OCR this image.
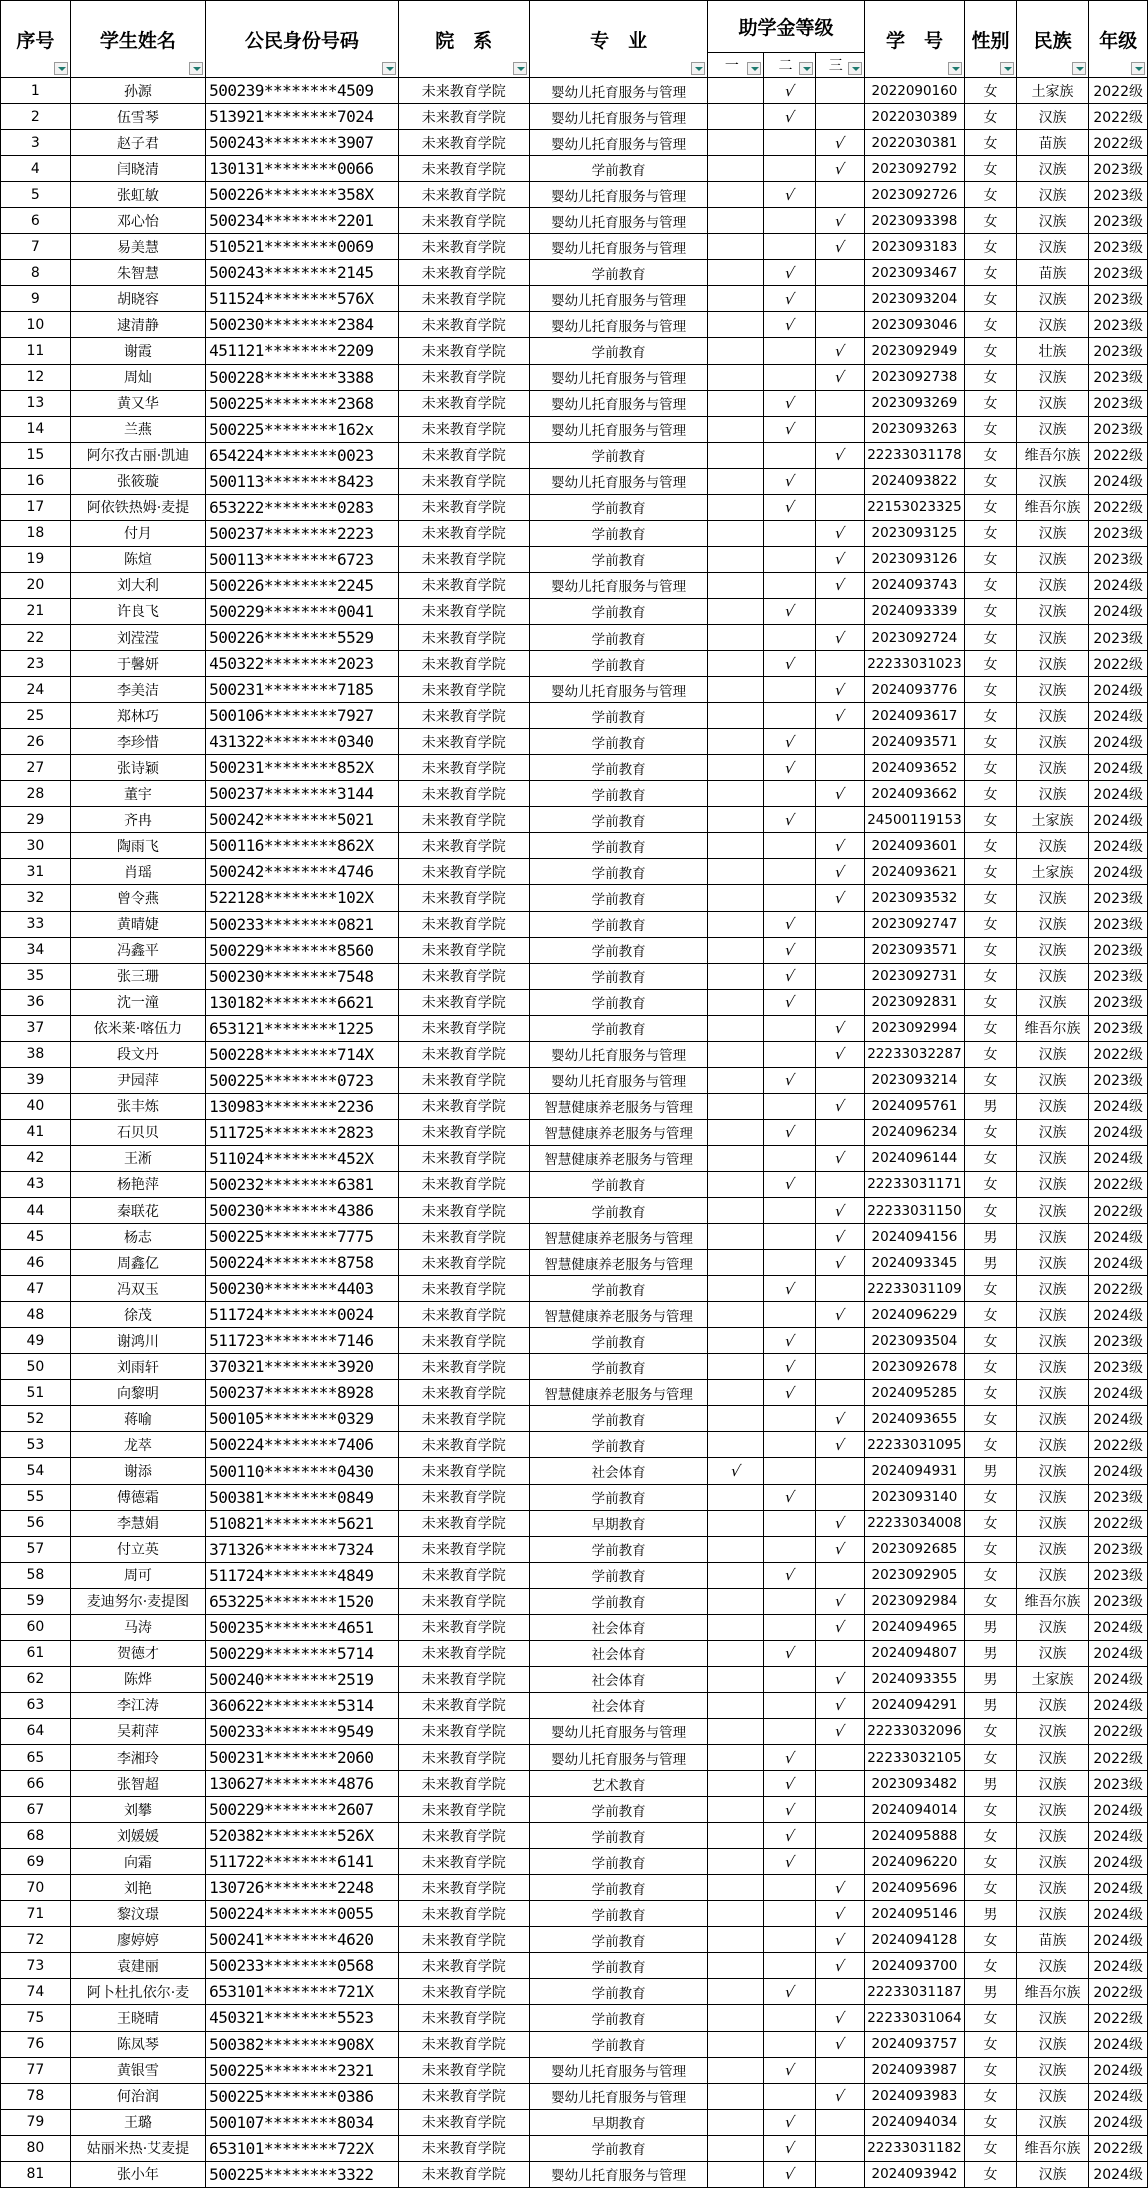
序号	学生姓名	公民身份号码	院　系	专　业	助学金等级			学　号	性别	民族	年级

					一	二	三				

1	孙源	500239********4509	未来教育学院	婴幼儿托育服务与管理		√		2022090160	女	土家族	2022级
2	伍雪琴	513921********7024	未来教育学院	婴幼儿托育服务与管理		√		2022030389	女	汉族	2022级
3	赵子君	500243********3907	未来教育学院	婴幼儿托育服务与管理			√	2022030381	女	苗族	2022级
4	闫晓清	130131********0066	未来教育学院	学前教育			√	2023092792	女	汉族	2023级
5	张虹敏	500226********358X	未来教育学院	婴幼儿托育服务与管理		√		2023092726	女	汉族	2023级
6	邓心怡	500234********2201	未来教育学院	婴幼儿托育服务与管理			√	2023093398	女	汉族	2023级
7	易美慧	510521********0069	未来教育学院	婴幼儿托育服务与管理			√	2023093183	女	汉族	2023级
8	朱智慧	500243********2145	未来教育学院	学前教育		√		2023093467	女	苗族	2023级
9	胡晓容	511524********576X	未来教育学院	婴幼儿托育服务与管理		√		2023093204	女	汉族	2023级
10	逮清静	500230********2384	未来教育学院	婴幼儿托育服务与管理		√		2023093046	女	汉族	2023级
11	谢霞	451121********2209	未来教育学院	学前教育			√	2023092949	女	壮族	2023级
12	周灿	500228********3388	未来教育学院	婴幼儿托育服务与管理			√	2023092738	女	汉族	2023级
13	黄又华	500225********2368	未来教育学院	婴幼儿托育服务与管理		√		2023093269	女	汉族	2023级
14	兰燕	500225********162x	未来教育学院	婴幼儿托育服务与管理		√		2023093263	女	汉族	2023级
15	阿尔孜古丽·凯迪	654224********0023	未来教育学院	学前教育			√	22233031178	女	维吾尔族	2022级
16	张筱璇	500113********8423	未来教育学院	婴幼儿托育服务与管理		√		2024093822	女	汉族	2024级
17	阿依铁热姆·麦提	653222********0283	未来教育学院	学前教育		√		22153023325	女	维吾尔族	2022级
18	付月	500237********2223	未来教育学院	学前教育			√	2023093125	女	汉族	2023级
19	陈煊	500113********6723	未来教育学院	学前教育			√	2023093126	女	汉族	2023级
20	刘大利	500226********2245	未来教育学院	婴幼儿托育服务与管理			√	2024093743	女	汉族	2024级
21	许良飞	500229********0041	未来教育学院	学前教育		√		2024093339	女	汉族	2024级
22	刘滢滢	500226********5529	未来教育学院	学前教育			√	2023092724	女	汉族	2023级
23	于馨妍	450322********2023	未来教育学院	学前教育		√		22233031023	女	汉族	2022级
24	李美洁	500231********7185	未来教育学院	婴幼儿托育服务与管理			√	2024093776	女	汉族	2024级
25	郑林巧	500106********7927	未来教育学院	学前教育			√	2024093617	女	汉族	2024级
26	李珍惜	431322********0340	未来教育学院	学前教育		√		2024093571	女	汉族	2024级
27	张诗颖	500231********852X	未来教育学院	学前教育		√		2024093652	女	汉族	2024级
28	董宇	500237********3144	未来教育学院	学前教育			√	2024093662	女	汉族	2024级
29	齐冉	500242********5021	未来教育学院	学前教育		√		24500119153	女	土家族	2024级
30	陶雨飞	500116********862X	未来教育学院	学前教育			√	2024093601	女	汉族	2024级
31	肖瑶	500242********4746	未来教育学院	学前教育			√	2024093621	女	土家族	2024级
32	曾令燕	522128********102X	未来教育学院	学前教育			√	2023093532	女	汉族	2023级
33	黄晴婕	500233********0821	未来教育学院	学前教育		√		2023092747	女	汉族	2023级
34	冯鑫平	500229********8560	未来教育学院	学前教育		√		2023093571	女	汉族	2023级
35	张三珊	500230********7548	未来教育学院	学前教育		√		2023092731	女	汉族	2023级
36	沈一潼	130182********6621	未来教育学院	学前教育		√		2023092831	女	汉族	2023级
37	依米莱·喀伍力	653121********1225	未来教育学院	学前教育			√	2023092994	女	维吾尔族	2023级
38	段文丹	500228********714X	未来教育学院	婴幼儿托育服务与管理			√	22233032287	女	汉族	2022级
39	尹园萍	500225********0723	未来教育学院	婴幼儿托育服务与管理		√		2023093214	女	汉族	2023级
40	张丰炼	130983********2236	未来教育学院	智慧健康养老服务与管理			√	2024095761	男	汉族	2024级
41	石贝贝	511725********2823	未来教育学院	智慧健康养老服务与管理		√		2024096234	女	汉族	2024级
42	王淅	511024********452X	未来教育学院	智慧健康养老服务与管理			√	2024096144	女	汉族	2024级
43	杨艳萍	500232********6381	未来教育学院	学前教育		√		22233031171	女	汉族	2022级
44	秦联花	500230********4386	未来教育学院	学前教育			√	22233031150	女	汉族	2022级
45	杨志	500225********7775	未来教育学院	智慧健康养老服务与管理			√	2024094156	男	汉族	2024级
46	周鑫亿	500224********8758	未来教育学院	智慧健康养老服务与管理			√	2024093345	男	汉族	2024级
47	冯双玉	500230********4403	未来教育学院	学前教育		√		22233031109	女	汉族	2022级
48	徐茂	511724********0024	未来教育学院	智慧健康养老服务与管理			√	2024096229	女	汉族	2024级
49	谢鸿川	511723********7146	未来教育学院	学前教育		√		2023093504	女	汉族	2023级
50	刘雨轩	370321********3920	未来教育学院	学前教育		√		2023092678	女	汉族	2023级
51	向黎明	500237********8928	未来教育学院	智慧健康养老服务与管理		√		2024095285	女	汉族	2024级
52	蒋喻	500105********0329	未来教育学院	学前教育			√	2024093655	女	汉族	2024级
53	龙萃	500224********7406	未来教育学院	学前教育			√	22233031095	女	汉族	2022级
54	谢添	500110********0430	未来教育学院	社会体育	√			2024094931	男	汉族	2024级
55	傅德霜	500381********0849	未来教育学院	学前教育		√		2023093140	女	汉族	2023级
56	李慧娟	510821********5621	未来教育学院	早期教育			√	22233034008	女	汉族	2022级
57	付立英	371326********7324	未来教育学院	学前教育			√	2023092685	女	汉族	2023级
58	周可	511724********4849	未来教育学院	学前教育		√		2023092905	女	汉族	2023级
59	麦迪努尔·麦提图	653225********1520	未来教育学院	学前教育			√	2023092984	女	维吾尔族	2023级
60	马涛	500235********4651	未来教育学院	社会体育			√	2024094965	男	汉族	2024级
61	贺德才	500229********5714	未来教育学院	社会体育		√		2024094807	男	汉族	2024级
62	陈烨	500240********2519	未来教育学院	社会体育			√	2024093355	男	土家族	2024级
63	李江涛	360622********5314	未来教育学院	社会体育			√	2024094291	男	汉族	2024级
64	吴莉萍	500233********9549	未来教育学院	婴幼儿托育服务与管理			√	22233032096	女	汉族	2022级
65	李湘玲	500231********2060	未来教育学院	婴幼儿托育服务与管理		√		22233032105	女	汉族	2022级
66	张智超	130627********4876	未来教育学院	艺术教育		√		2023093482	男	汉族	2023级
67	刘攀	500229********2607	未来教育学院	学前教育		√		2024094014	女	汉族	2024级
68	刘媛媛	520382********526X	未来教育学院	学前教育		√		2024095888	女	汉族	2024级
69	向霜	511722********6141	未来教育学院	学前教育		√		2024096220	女	汉族	2024级
70	刘艳	130726********2248	未来教育学院	学前教育			√	2024095696	女	汉族	2024级
71	黎汶璟	500224********0055	未来教育学院	学前教育			√	2024095146	男	汉族	2024级
72	廖婷婷	500241********4620	未来教育学院	学前教育			√	2024094128	女	苗族	2024级
73	袁建丽	500233********0568	未来教育学院	学前教育			√	2024093700	女	汉族	2024级
74	阿卜杜扎依尔·麦	653101********721X	未来教育学院	学前教育		√		22233031187	男	维吾尔族	2022级
75	王晓晴	450321********5523	未来教育学院	学前教育			√	22233031064	女	汉族	2022级
76	陈凤琴	500382********908X	未来教育学院	学前教育			√	2024093757	女	汉族	2024级
77	黄银雪	500225********2321	未来教育学院	婴幼儿托育服务与管理		√		2024093987	女	汉族	2024级
78	何治润	500225********0386	未来教育学院	婴幼儿托育服务与管理			√	2024093983	女	汉族	2024级
79	王璐	500107********8034	未来教育学院	早期教育		√		2024094034	女	汉族	2024级
80	姑丽米热·艾麦提	653101********722X	未来教育学院	学前教育		√		22233031182	女	维吾尔族	2022级
81	张小年	500225********3322	未来教育学院	婴幼儿托育服务与管理		√		2024093942	女	汉族	2024级
